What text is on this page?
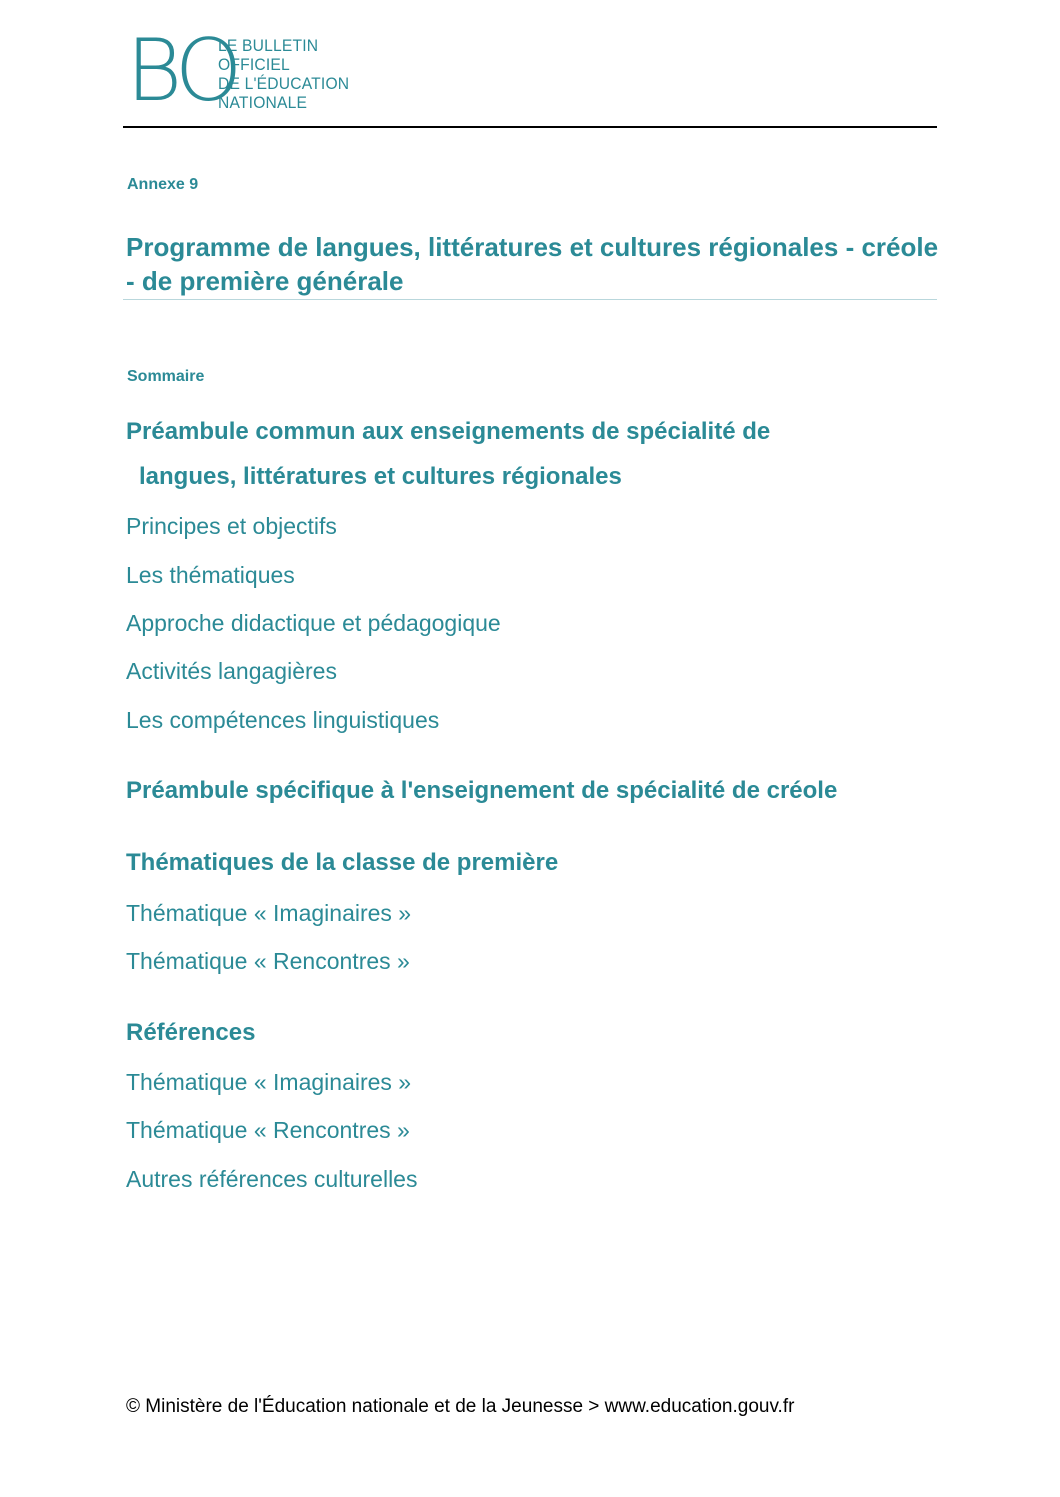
BO
LE BULLETIN
OFFICIEL
DE L'ÉDUCATION
NATIONALE
Annexe 9
Programme de langues, littératures et cultures régionales - créole - de première générale
Sommaire
Préambule commun aux enseignements de spécialité de
langues, littératures et cultures régionales
Principes et objectifs
Les thématiques
Approche didactique et pédagogique
Activités langagières
Les compétences linguistiques
Préambule spécifique à l'enseignement de spécialité de créole
Thématiques de la classe de première
Thématique « Imaginaires »
Thématique « Rencontres »
Références
Thématique « Imaginaires »
Thématique « Rencontres »
Autres références culturelles
© Ministère de l'Éducation nationale et de la Jeunesse > www.education.gouv.fr
